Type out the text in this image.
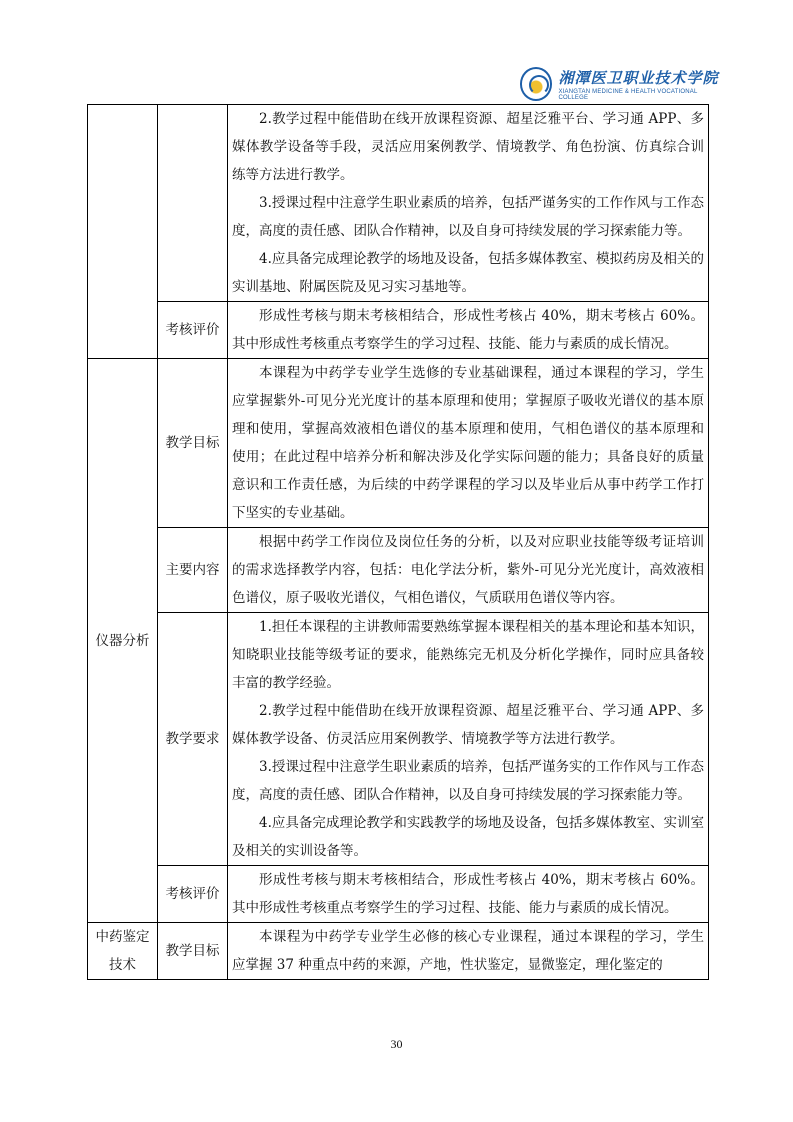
湘潭医卫职业技术学院
XIANGTAN MEDICINE & HEALTH VOCATIONAL COLLEGE

		2.教学过程中能借助在线开放课程资源、超星泛雅平台、学习通 APP、多媒体教学设备等手段，灵活应用案例教学、情境教学、角色扮演、仿真综合训练等方法进行教学。

3.授课过程中注意学生职业素质的培养，包括严谨务实的工作作风与工作态度，高度的责任感、团队合作精神，以及自身可持续发展的学习探索能力等。

4.应具备完成理论教学的场地及设备，包括多媒体教室、模拟药房及相关的实训基地、附属医院及见习实习基地等。

	考核评价	形成性考核与期末考核相结合，形成性考核占 40%，期末考核占 60%。其中形成性考核重点考察学生的学习过程、技能、能力与素质的成长情况。

仪器分析	教学目标	本课程为中药学专业学生选修的专业基础课程，通过本课程的学习，学生应掌握紫外-可见分光光度计的基本原理和使用；掌握原子吸收光谱仪的基本原理和使用，掌握高效液相色谱仪的基本原理和使用，气相色谱仪的基本原理和使用；在此过程中培养分析和解决涉及化学实际问题的能力；具备良好的质量意识和工作责任感，为后续的中药学课程的学习以及毕业后从事中药学工作打下坚实的专业基础。

	主要内容	根据中药学工作岗位及岗位任务的分析，以及对应职业技能等级考证培训的需求选择教学内容，包括：电化学法分析，紫外-可见分光光度计，高效液相色谱仪，原子吸收光谱仪，气相色谱仪，气质联用色谱仪等内容。

	教学要求	1.担任本课程的主讲教师需要熟练掌握本课程相关的基本理论和基本知识，知晓职业技能等级考证的要求，能熟练完无机及分析化学操作，同时应具备较丰富的教学经验。

2.教学过程中能借助在线开放课程资源、超星泛雅平台、学习通 APP、多媒体教学设备、仿灵活应用案例教学、情境教学等方法进行教学。

3.授课过程中注意学生职业素质的培养，包括严谨务实的工作作风与工作态度，高度的责任感、团队合作精神，以及自身可持续发展的学习探索能力等。

4.应具备完成理论教学和实践教学的场地及设备，包括多媒体教室、实训室及相关的实训设备等。

	考核评价	形成性考核与期末考核相结合，形成性考核占 40%，期末考核占 60%。其中形成性考核重点考察学生的学习过程、技能、能力与素质的成长情况。

中药鉴定
技术	教学目标	本课程为中药学专业学生必修的核心专业课程，通过本课程的学习，学生应掌握 37 种重点中药的来源，产地，性状鉴定，显微鉴定，理化鉴定的

30
